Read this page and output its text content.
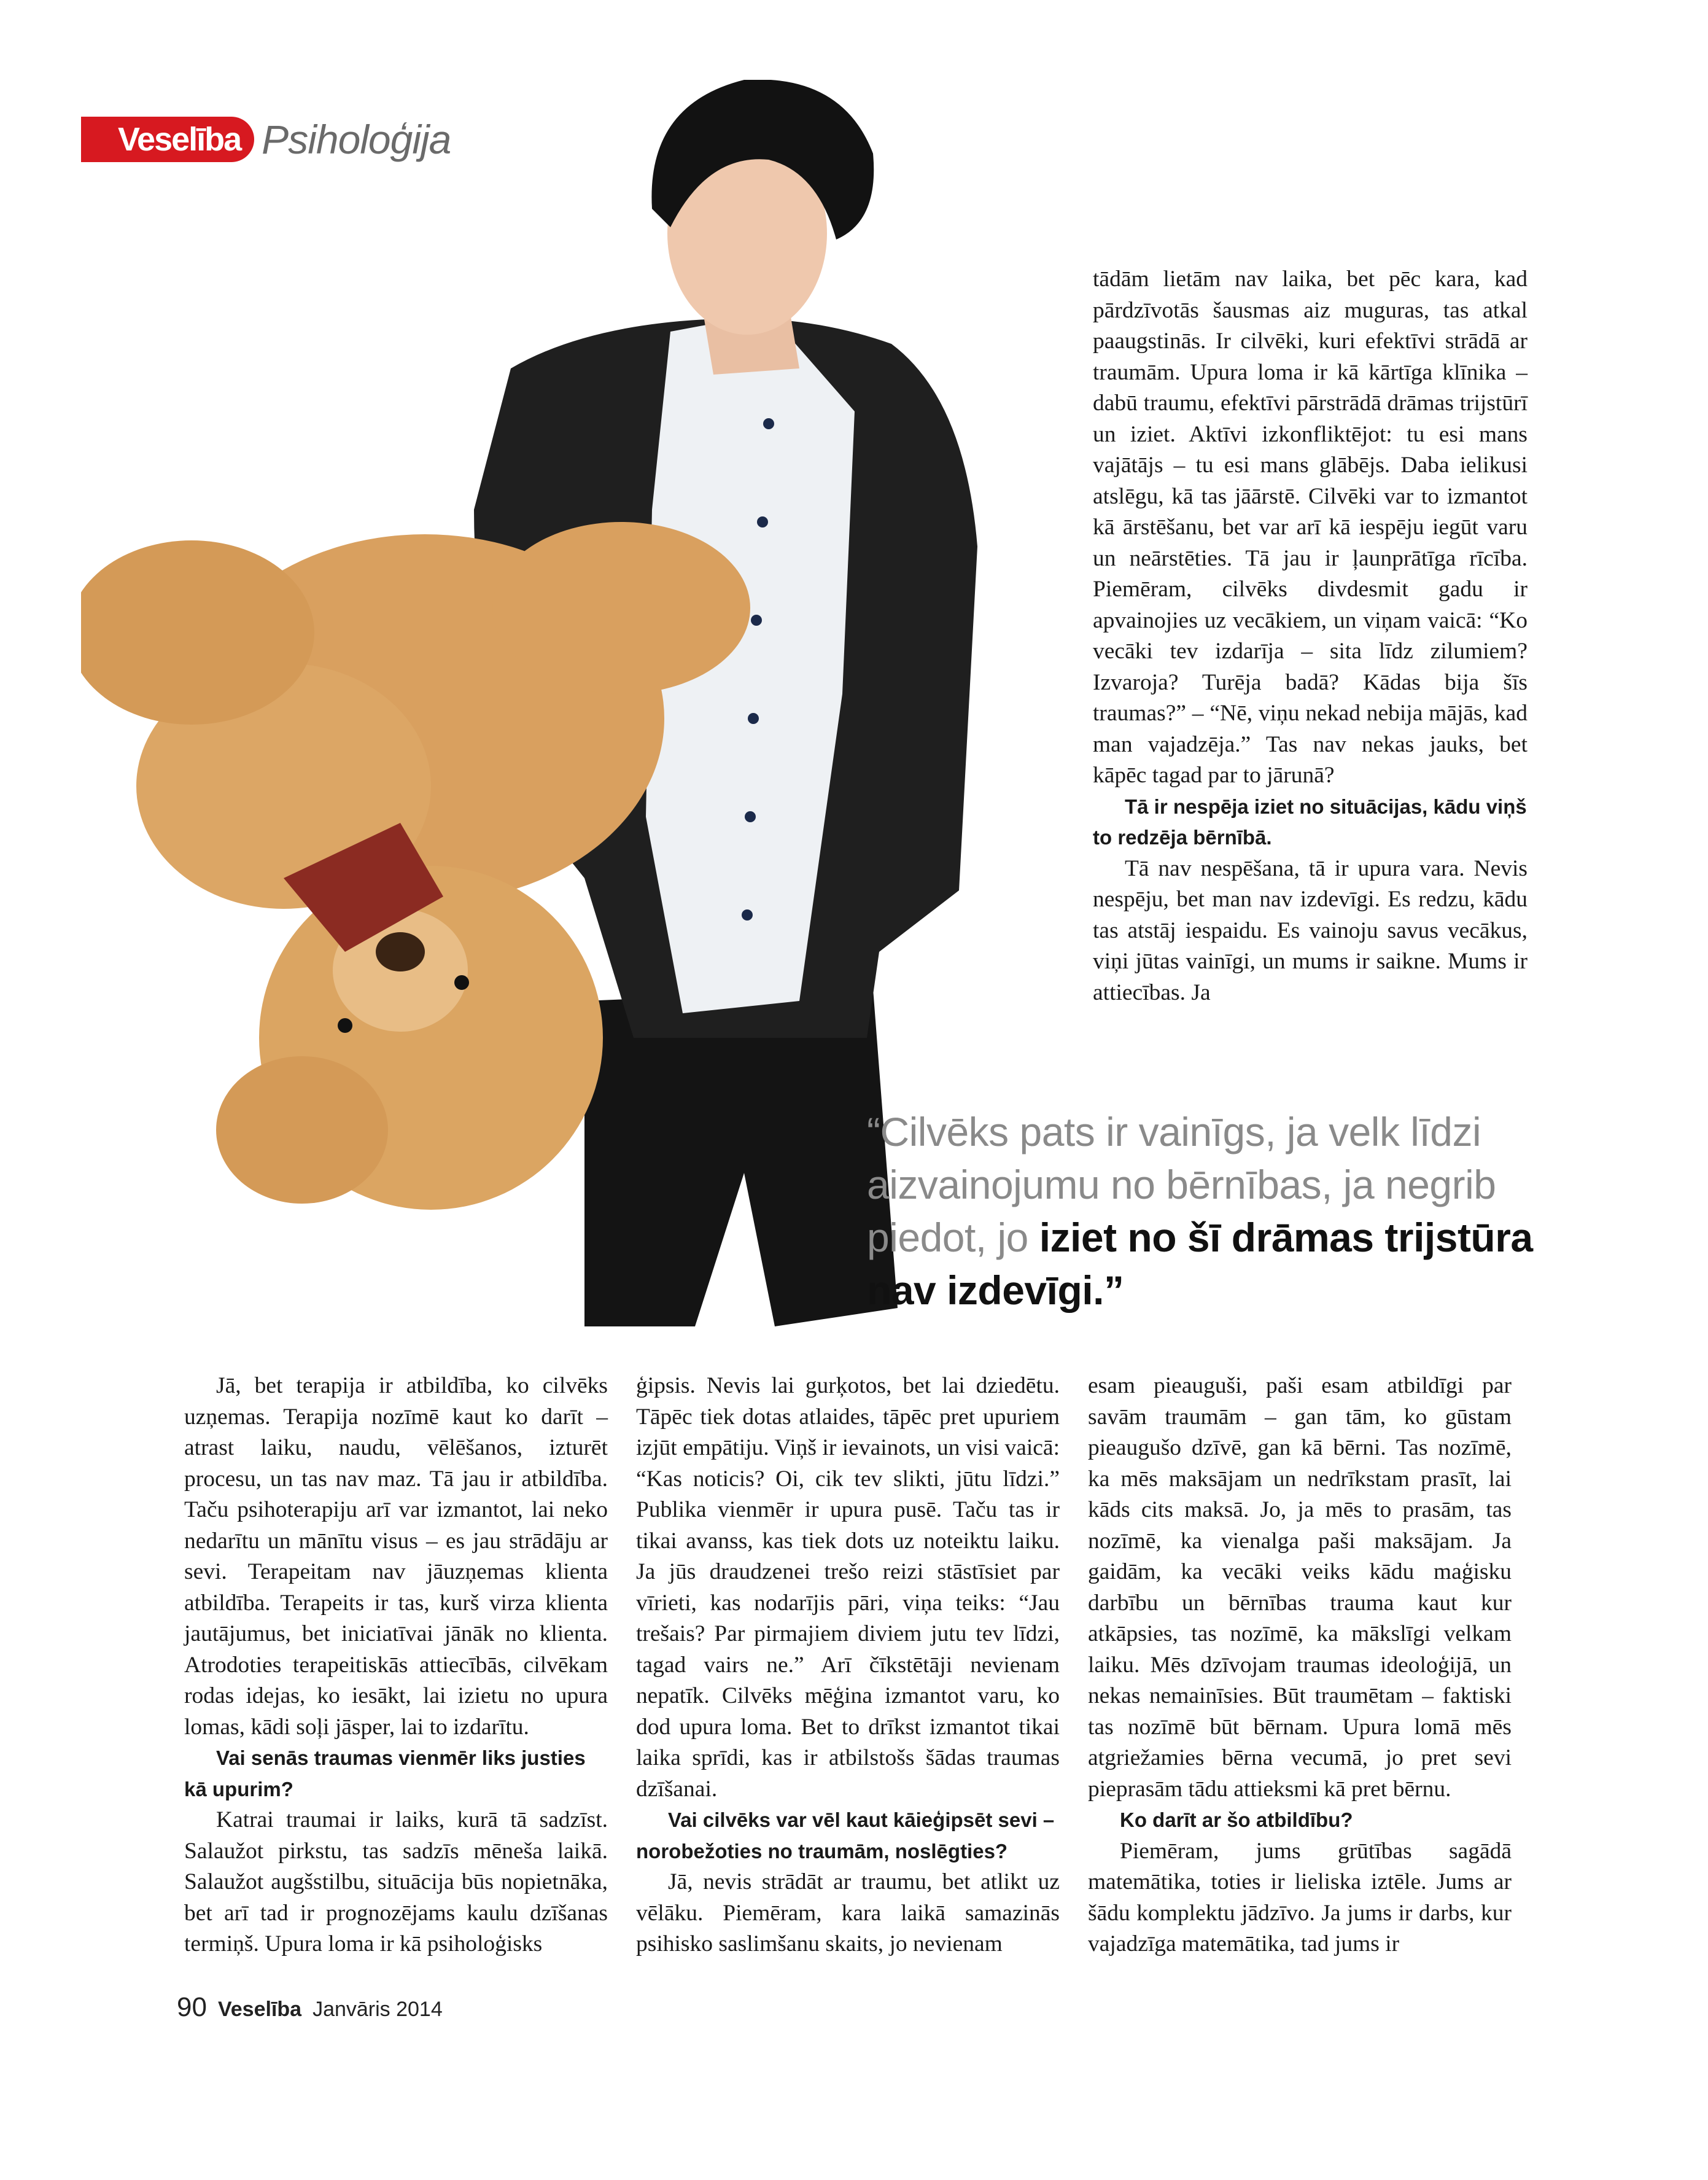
Veselība Psiholoģija

tādām lietām nav laika, bet pēc kara, kad pārdzīvotās šausmas aiz muguras, tas atkal paaugstinās. Ir cilvēki, kuri efektīvi strādā ar traumām. Upura loma ir kā kārtīga klīnika – dabū traumu, efektīvi pārstrādā drāmas trijstūrī un iziet. Aktīvi izkonfliktējot: tu esi mans vajātājs – tu esi mans glābējs. Daba ielikusi atslēgu, kā tas jāārstē. Cilvēki var to izmantot kā ārstēšanu, bet var arī kā iespēju iegūt varu un neārstēties. Tā jau ir ļaunprātīga rīcība. Piemēram, cilvēks divdesmit gadu ir apvainojies uz vecākiem, un viņam vaicā: “Ko vecāki tev izdarīja – sita līdz zilumiem? Izvaroja? Turēja badā? Kādas bija šīs traumas?” – “Nē, viņu nekad nebija mājās, kad man vajadzēja.” Tas nav nekas jauks, bet kāpēc tagad par to jārunā?

Tā ir nespēja iziet no situācijas, kādu viņš to redzēja bērnībā.

Tā nav nespēšana, tā ir upura vara. Nevis nespēju, bet man nav izdevīgi. Es redzu, kādu tas atstāj iespaidu. Es vainoju savus vecākus, viņi jūtas vainīgi, un mums ir saikne. Mums ir attiecības. Ja

“Cilvēks pats ir vainīgs, ja velk līdzi aizvainojumu no bērnības, ja negrib piedot, jo iziet no šī drāmas trijstūra nav izdevīgi.”

Jā, bet terapija ir atbildība, ko cilvēks uzņemas. Terapija nozīmē kaut ko darīt – atrast laiku, naudu, vēlēšanos, izturēt procesu, un tas nav maz. Tā jau ir atbildība. Taču psihoterapiju arī var izmantot, lai neko nedarītu un mānītu visus – es jau strādāju ar sevi. Terapeitam nav jāuzņemas klienta atbildība. Terapeits ir tas, kurš virza klienta jautājumus, bet iniciatīvai jānāk no klienta. Atrodoties terapeitiskās attiecībās, cilvēkam rodas idejas, ko iesākt, lai izietu no upura lomas, kādi soļi jāsper, lai to izdarītu.

Vai senās traumas vienmēr liks justies kā upurim?

Katrai traumai ir laiks, kurā tā sadzīst. Salaužot pirkstu, tas sadzīs mēneša laikā. Salaužot augšstilbu, situācija būs nopietnāka, bet arī tad ir prognozējams kaulu dzīšanas termiņš. Upura loma ir kā psiholoģisks

ģipsis. Nevis lai gurķotos, bet lai dziedētu. Tāpēc tiek dotas atlaides, tāpēc pret upuriem izjūt empātiju. Viņš ir ievainots, un visi vaicā: “Kas noticis? Oi, cik tev slikti, jūtu līdzi.” Publika vienmēr ir upura pusē. Taču tas ir tikai avanss, kas tiek dots uz noteiktu laiku. Ja jūs draudzenei trešo reizi stāstīsiet par vīrieti, kas nodarījis pāri, viņa teiks: “Jau trešais? Par pirmajiem diviem jutu tev līdzi, tagad vairs ne.” Arī čīkstētāji nevienam nepatīk. Cilvēks mēģina izmantot varu, ko dod upura loma. Bet to drīkst izmantot tikai laika sprīdi, kas ir atbilstošs šādas traumas dzīšanai.

Vai cilvēks var vēl kaut kāieģipsēt sevi – norobežoties no traumām, noslēgties?

Jā, nevis strādāt ar traumu, bet atlikt uz vēlāku. Piemēram, kara laikā samazinās psihisko saslimšanu skaits, jo nevienam

esam pieauguši, paši esam atbildīgi par savām traumām – gan tām, ko gūstam pieaugušo dzīvē, gan kā bērni. Tas nozīmē, ka mēs maksājam un nedrīkstam prasīt, lai kāds cits maksā. Jo, ja mēs to prasām, tas nozīmē, ka vienalga paši maksājam. Ja gaidām, ka vecāki veiks kādu maģisku darbību un bērnības trauma kaut kur atkāpsies, tas nozīmē, ka mākslīgi velkam laiku. Mēs dzīvojam traumas ideoloģijā, un nekas nemainīsies. Būt traumētam – faktiski tas nozīmē būt bērnam. Upura lomā mēs atgriežamies bērna vecumā, jo pret sevi pieprasām tādu attieksmi kā pret bērnu.

Ko darīt ar šo atbildību?

Piemēram, jums grūtības sagādā matemātika, toties ir lieliska iztēle. Jums ar šādu komplektu jādzīvo. Ja jums ir darbs, kur vajadzīga matemātika, tad jums ir

90 Veselība Janvāris 2014
